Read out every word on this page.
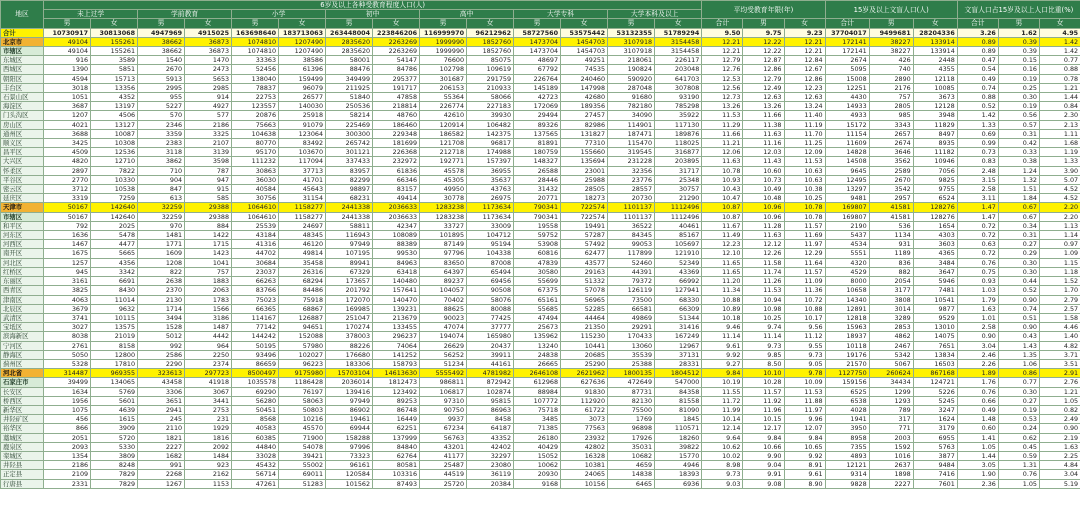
地区	6岁及以上各种受教育程度人口(人)														平均受教育年限(年)			15岁及以上文盲人口(人)			文盲人口占15岁及以上人口比重(%)		
	未上过学		学前教育		小学		初中		高中		大学专科		大学本科及以上										
	男	女	男	女	男	女	男	女	男	女	男	女	男	女	合计	男	女	合计	男	女	合计	男	女
合计	10730917	30813068	4947969	4915025	163698640	183713063	263448004	223846206	116999970	96212962	58727560	53575442	53132355	51789294	9.50	9.75	9.23	37704017	9499681	28204336	3.26	1.62	4.95
北京市	49104	155261	38662	36873	1074810	1207490	2835620	2263269	1999990	1852760	1473704	1454703	3107918	3154458	12.21	12.22	12.21	172141	38227	133914	0.89	0.39	1.42
市辖区	49104	155261	38662	36873	1074810	1207490	2835620	2263269	1999990	1852760	1473704	1454703	3107918	3154458	12.21	12.22	12.21	172141	38227	133914	0.89	0.39	1.42
东城区	916	3589	1540	1470	33363	38586	58001	54147	76600	85075	48697	49251	218061	226117	12.79	12.87	12.84	2674	426	2448	0.47	0.15	0.77
西城区	1390	5851	2670	2473	52456	61396	88476	84786	102798	109619	67792	74535	190824	203048	12.76	12.86	12.67	5095	740	4355	0.54	0.16	0.88
朝阳区	4594	15713	5913	5653	138040	159499	349499	295377	301687	291759	226764	240460	590920	641703	12.53	12.79	12.86	15008	2890	12118	0.49	0.19	0.78
丰台区	3018	13356	2995	2985	78837	96079	211925	191717	206153	210933	145189	147998	287048	307808	12.56	12.49	12.23	12251	2176	10085	0.74	0.25	1.21
石景山区	1051	4352	955	914	22753	26577	51840	47858	55364	58066	42723	42680	91680	93190	12.73	12.63	12.63	4430	757	3673	0.88	0.30	1.44
海淀区	3687	13197	5227	4927	123557	140030	250536	218814	226774	227183	172069	189356	782180	785298	13.26	13.26	13.24	14933	2805	12128	0.52	0.19	0.84
门头沟区	1207	4506	570	577	20876	25918	58214	48760	42610	39930	29494	27457	34090	35922	11.53	11.66	11.40	4933	985	3948	1.42	0.56	2.30
房山区	4021	13127	2346	2186	75663	91079	225469	186460	120914	106482	89326	82986	114901	117130	11.29	11.38	11.19	15172	3343	11829	1.33	0.57	2.13
通州区	3688	10087	3359	3325	104638	123064	300300	229348	186582	142375	137565	131827	187471	189876	11.66	11.63	11.70	11154	2657	8497	0.69	0.31	1.11
顺义区	3425	10308	2383	2107	80770	83492	265742	181699	121708	96817	81891	77310	115470	118025	11.21	11.16	11.25	11609	2674	8935	0.99	0.42	1.68
昌平区	4509	12536	3118	3139	95170	103670	301121	226368	212718	174988	180759	155660	319545	316877	12.06	12.03	12.09	14828	3646	11182	0.73	0.33	1.19
大兴区	4820	12710	3862	3598	111232	117094	337433	232972	192771	157397	148327	135694	231228	203895	11.63	11.43	11.53	14508	3562	10946	0.83	0.38	1.33
怀柔区	2897	7822	710	787	30863	37713	83957	61836	45578	36955	26588	23001	32356	31717	10.78	10.60	10.63	9645	2589	7056	2.48	1.24	3.90
平谷区	2770	10330	904	947	36030	41701	82299	66346	45305	35637	28446	25988	23776	25348	10.93	10.73	10.63	12495	2670	9825	3.15	1.32	5.07
密云区	3712	10538	847	915	40584	45643	98897	83157	49950	43763	31432	28505	28557	30757	10.43	10.49	10.38	13297	3542	9755	2.58	1.51	4.52
延庆区	3319	7259	613	585	30756	31154	68231	49414	30778	26975	20771	18273	20730	21290	10.47	10.48	10.25	9481	2957	6524	3.11	1.84	4.52
天津市	50167	142640	32259	29388	1064610	1158277	2441338	2036633	1283238	1173634	790341	722574	1101137	1112496	10.87	10.96	10.78	169807	41581	128276	1.47	0.67	2.20
市辖区	50167	142640	32259	29388	1064610	1158277	2441338	2036633	1283238	1173634	790341	722574	1101137	1112496	10.87	10.96	10.78	169807	41581	128276	1.47	0.67	2.20
和平区	792	2025	970	884	25539	24697	58811	42347	33727	33009	19558	19491	36522	40461	11.67	11.28	11.57	2190	536	1654	0.72	0.34	1.13
河东区	1636	5478	1481	1422	43184	48345	116943	108089	101895	104712	59752	57287	84345	85167	11.49	11.63	11.69	5437	1134	4303	0.72	0.31	1.14
河西区	1467	4477	1771	1715	41316	46120	97949	88389	87149	95194	53908	57492	99053	105697	12.23	12.12	11.97	4534	931	3603	0.63	0.27	0.97
南开区	1675	5665	1609	1423	44702	49814	107195	99530	97796	104338	60816	62477	117899	121910	12.10	12.26	12.29	5551	1189	4365	0.72	0.29	1.09
河北区	1257	4356	1208	1041	30684	35458	89941	84963	83650	87008	47839	43577	52460	52349	11.65	11.58	11.64	4320	836	3484	0.76	0.30	1.15
红桥区	945	3342	822	757	23037	26316	67329	63418	64397	65494	30580	29163	44391	43369	11.65	11.74	11.57	4529	882	3647	0.75	0.30	1.18
东丽区	3161	6691	2638	1883	66263	68294	173657	140480	89237	69456	55699	51332	79372	66992	11.20	11.26	11.09	8000	2054	5946	0.93	0.44	1.52
西青区	3825	8430	2370	2063	83766	84486	201792	157641	104057	90508	67375	57078	126119	127941	11.34	11.53	11.36	10658	3177	7481	1.03	0.52	1.70
津南区	4063	11014	2130	1783	75023	75918	172070	140470	70402	58076	65161	56965	73500	68330	10.88	10.94	10.72	14340	3808	10541	1.79	0.90	2.79
北辰区	3679	9632	1714	1566	66365	68867	169985	139231	88625	80088	55685	52285	66581	66309	10.89	10.98	10.88	12891	3014	9877	1.63	0.74	2.57
武清区	3741	10115	3494	3186	114167	126887	251047	213679	90023	77425	47494	44464	49869	51344	10.18	10.25	10.17	12818	3289	9529	1.01	0.51	1.58
宝坻区	3027	13575	1528	1487	77142	94651	170274	133455	47074	37777	25673	21350	29291	31416	9.46	9.74	9.56	15963	2853	13010	2.58	0.90	4.46
滨海新区	8038	21019	5012	4442	144242	152088	378003	296237	194074	165980	135962	115230	170433	167249	11.14	11.14	11.12	18937	4862	14075	0.90	0.43	1.40
宁河区	2761	8158	992	964	50195	57980	88226	74064	26629	20437	13240	10441	13060	12967	9.61	9.73	9.55	10118	2467	7651	3.04	1.43	4.82
静海区	5050	12800	2586	2250	93496	102027	176680	141252	56252	39911	24838	20685	35539	37131	9.92	9.85	9.73	19176	5342	13834	2.46	1.35	3.71
蓟州区	5328	17810	2290	2374	86659	96223	183306	158793	51234	44161	26665	25290	25388	28331	9.27	8.50	9.05	21570	5067	16503	2.26	1.06	3.51
河北省	314487	969355	323613	297723	8500497	9175980	15703104	14613630	5555492	4781982	2646108	2621962	1800135	1804512	9.84	10.10	9.78	1127750	260624	867168	1.89	0.86	2.91
石家庄市	39499	134065	43458	41918	1035578	1186428	2036014	1812473	986811	872942	612968	627636	472649	547000	10.19	10.28	10.09	159156	34434	124721	1.76	0.77	2.76
长安区	1634	5769	3306	3067	69290	76197	139416	123492	106817	102874	88984	91830	87731	84358	11.55	11.57	11.53	6525	1299	5226	0.76	0.30	1.21
桥西区	1956	5601	3651	3441	56280	58063	97949	89253	97310	95815	107772	112920	82130	81558	11.72	11.92	11.88	6538	1293	5245	0.66	0.27	1.05
新华区	1075	4639	2941	2753	50451	50803	86902	86748	90750	86963	75718	61722	75500	81090	11.99	11.96	11.97	4028	789	3247	0.49	0.19	0.82
井陉矿区	456	1615	245	231	8568	10216	19461	16449	9937	8458	3485	3073	1769	1845	10.14	10.15	9.96	1941	317	1624	1.48	0.53	2.49
裕华区	866	3909	2110	1929	40583	45570	69944	62251	67234	64187	71385	77563	96898	110571	12.14	12.17	12.07	3950	771	3179	0.60	0.24	0.90
藁城区	2051	5720	1821	1816	60385	71900	158288	137999	56763	43352	26180	23932	17926	18260	9.64	9.84	9.84	8958	2003	6955	1.41	0.62	2.19
鹿泉区	2093	5330	2227	2092	44840	54078	97996	84840	43201	42402	40429	42802	35031	39822	10.62	10.66	10.65	7355	1592	5763	1.05	0.45	1.63
栾城区	1354	3809	1682	1484	33028	39421	73323	62764	41177	32297	15052	16328	10682	15770	10.02	9.90	9.92	4893	1016	3877	1.44	0.59	2.25
井陉县	2186	8248	991	923	45432	55002	96161	80581	25487	23080	10062	10381	4659	4946	8.98	9.04	8.91	12121	2637	9484	3.05	1.31	4.84
正定县	2109	7829	2268	2162	56714	69011	120584	103316	44519	36119	20930	24065	14838	18393	9.73	9.91	9.61	9314	1898	7416	1.90	0.76	3.04
行唐县	2331	7829	1267	1153	47261	51283	101562	87493	25720	20384	9168	10156	6465	6936	9.03	9.08	8.90	9828	2227	7601	2.36	1.05	5.19
